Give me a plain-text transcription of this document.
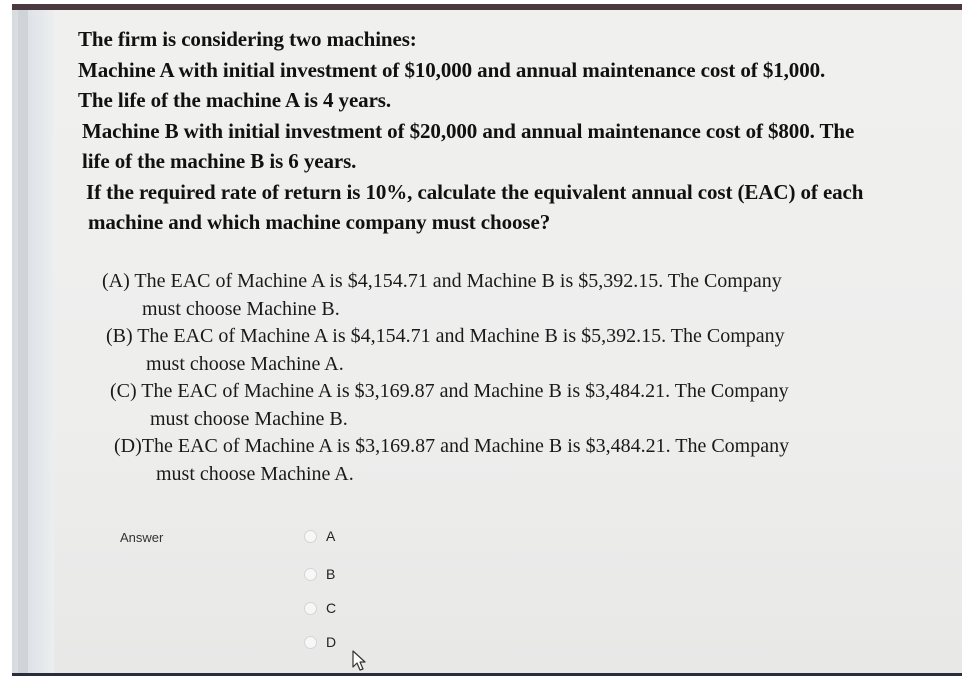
The firm is considering two machines:
Machine A with initial investment of $10,000 and annual maintenance cost of $1,000.
The life of the machine A is 4 years.
Machine B with initial investment of $20,000 and annual maintenance cost of $800. The
life of the machine B is 6 years.
If the required rate of return is 10%, calculate the equivalent annual cost (EAC) of each
machine and which machine company must choose?
(A) The EAC of Machine A is $4,154.71 and Machine B is $5,392.15. The Company
must choose Machine B.
(B) The EAC of Machine A is $4,154.71 and Machine B is $5,392.15. The Company
must choose Machine A.
(C) The EAC of Machine A is $3,169.87 and Machine B is $3,484.21. The Company
must choose Machine B.
(D)The EAC of Machine A is $3,169.87 and Machine B is $3,484.21. The Company
must choose Machine A.
Answer	A
B
C
D
